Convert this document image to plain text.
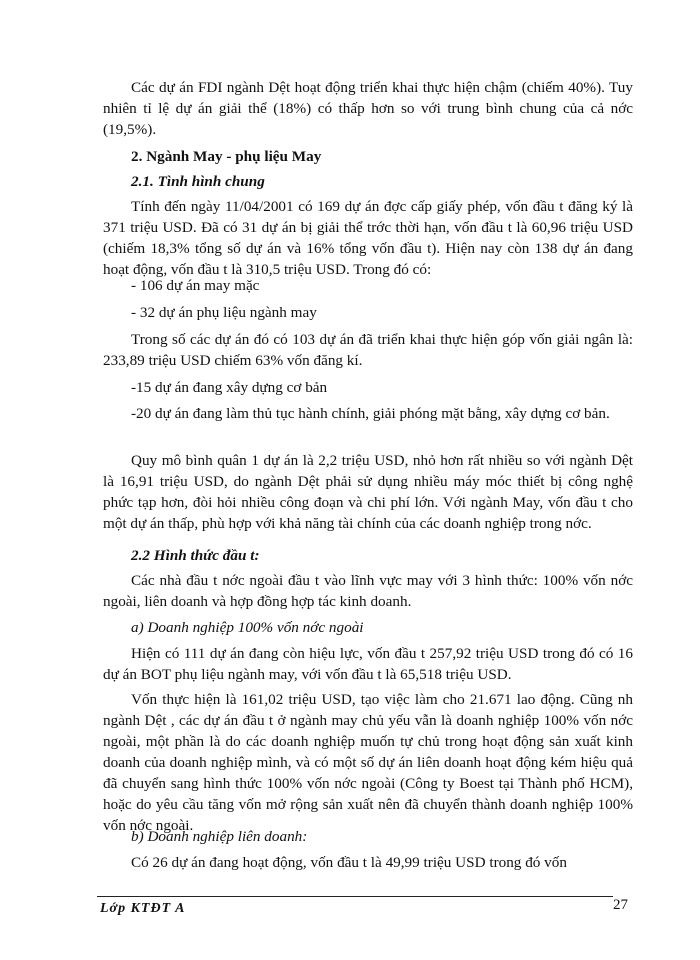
Các dự án FDI ngành Dệt hoạt động triển khai thực hiện chậm (chiếm 40%). Tuy nhiên tỉ lệ dự án giải thể (18%) có thấp hơn so với trung bình chung của cả nớc (19,5%).

2. Ngành May - phụ liệu May

2.1. Tình hình chung

Tính đến ngày 11/04/2001 có 169 dự án đợc cấp giấy phép, vốn đầu t đăng ký là 371 triệu USD. Đã có 31 dự án bị giải thể trớc thời hạn, vốn đầu t là 60,96 triệu USD (chiếm 18,3% tổng số dự án và 16% tổng vốn đầu t). Hiện nay còn 138 dự án đang hoạt động, vốn đầu t là 310,5 triệu USD. Trong đó có:

- 106 dự án may mặc

- 32 dự án phụ liệu ngành may

Trong số các dự án đó có 103 dự án đã triển khai thực hiện góp vốn giải ngân là: 233,89 triệu USD chiếm 63% vốn đăng kí.

-15 dự án đang xây dựng cơ bản

-20 dự án đang làm thủ tục hành chính, giải phóng mặt bằng, xây dựng cơ bản.

Quy mô bình quân 1 dự án là 2,2 triệu USD, nhỏ hơn rất nhiều so với ngành Dệt là 16,91 triệu USD, do ngành Dệt phải sử dụng nhiều máy móc thiết bị công nghệ phức tạp hơn, đòi hỏi nhiều công đoạn và chi phí lớn. Với ngành May, vốn đầu t cho một dự án thấp, phù hợp với khả năng tài chính của các doanh nghiệp trong nớc.

2.2 Hình thức đầu t:

Các nhà đầu t nớc ngoài đầu t vào lĩnh vực may với 3 hình thức: 100% vốn nớc ngoài, liên doanh và hợp đồng hợp tác kinh doanh.

a) Doanh nghiệp 100% vốn nớc ngoài

Hiện có 111 dự án đang còn hiệu lực, vốn đầu t 257,92 triệu USD trong đó có 16 dự án BOT phụ liệu ngành may, với vốn đầu t là 65,518 triệu USD.

Vốn thực hiện là 161,02 triệu USD, tạo việc làm cho 21.671 lao động. Cũng nh ngành Dệt , các dự án đầu t ở ngành may chủ yếu vẫn là doanh nghiệp 100% vốn nớc ngoài, một phần là do các doanh nghiệp muốn tự chủ trong hoạt động sản xuất kinh doanh của doanh nghiệp mình, và có một số dự án liên doanh hoạt động kém hiệu quả đã chuyển sang hình thức 100% vốn nớc ngoài (Công ty Boest tại Thành phố HCM), hoặc do yêu cầu tăng vốn mở rộng sản xuất nên đã chuyển thành doanh nghiệp 100% vốn nớc ngoài.

b) Doanh nghiệp liên doanh:

Có 26 dự án đang hoạt động, vốn đầu t là 49,99 triệu USD trong đó vốn

Lớp KTĐT A	27
